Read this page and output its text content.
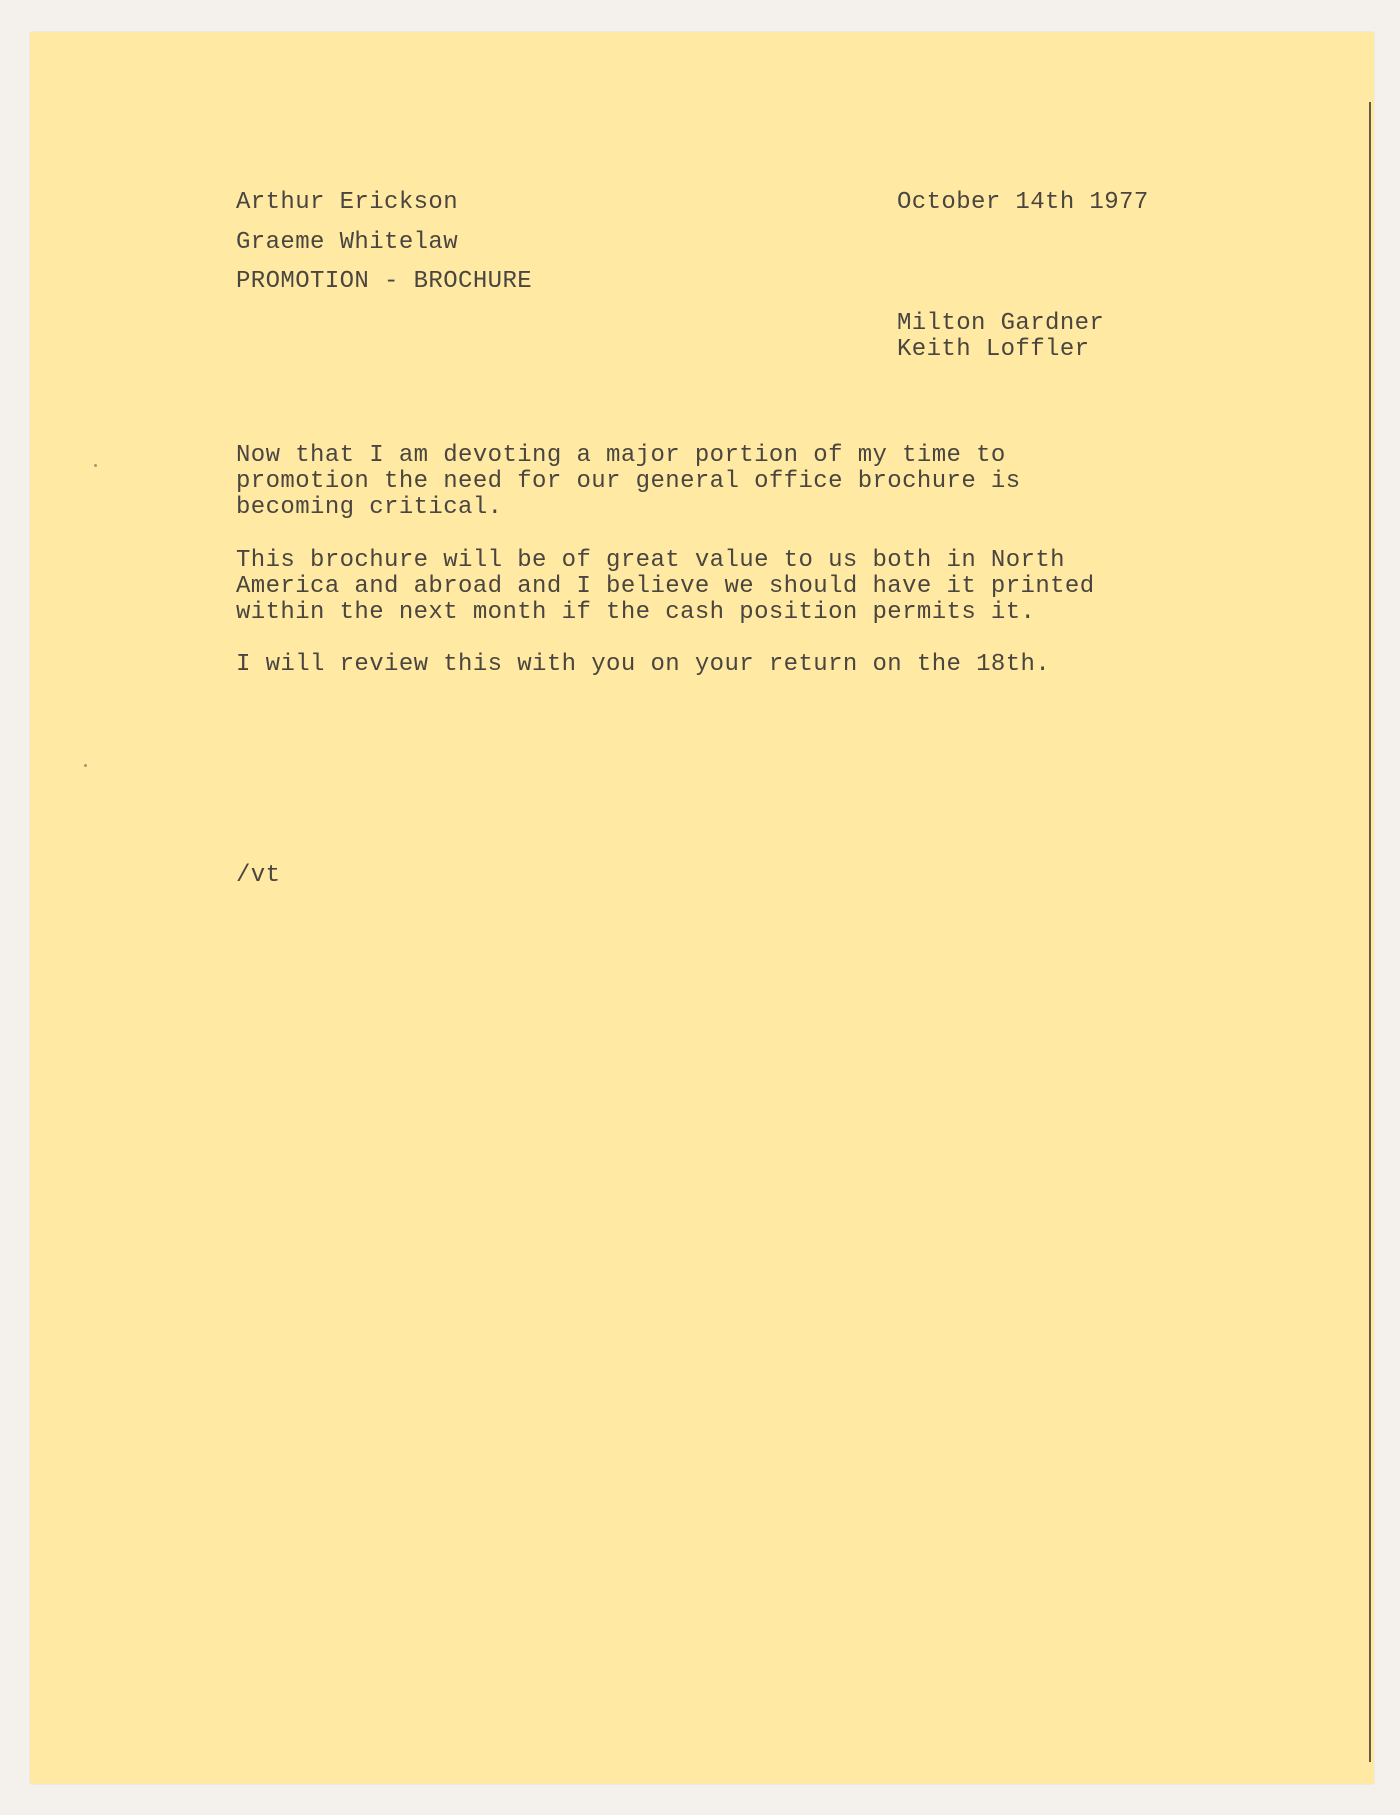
Arthur Erickson
Graeme Whitelaw
PROMOTION - BROCHURE
October 14th 1977
Milton Gardner
Keith Loffler
Now that I am devoting a major portion of my time to
promotion the need for our general office brochure is
becoming critical.
This brochure will be of great value to us both in North
America and abroad and I believe we should have it printed
within the next month if the cash position permits it.
I will review this with you on your return on the 18th.
/vt
